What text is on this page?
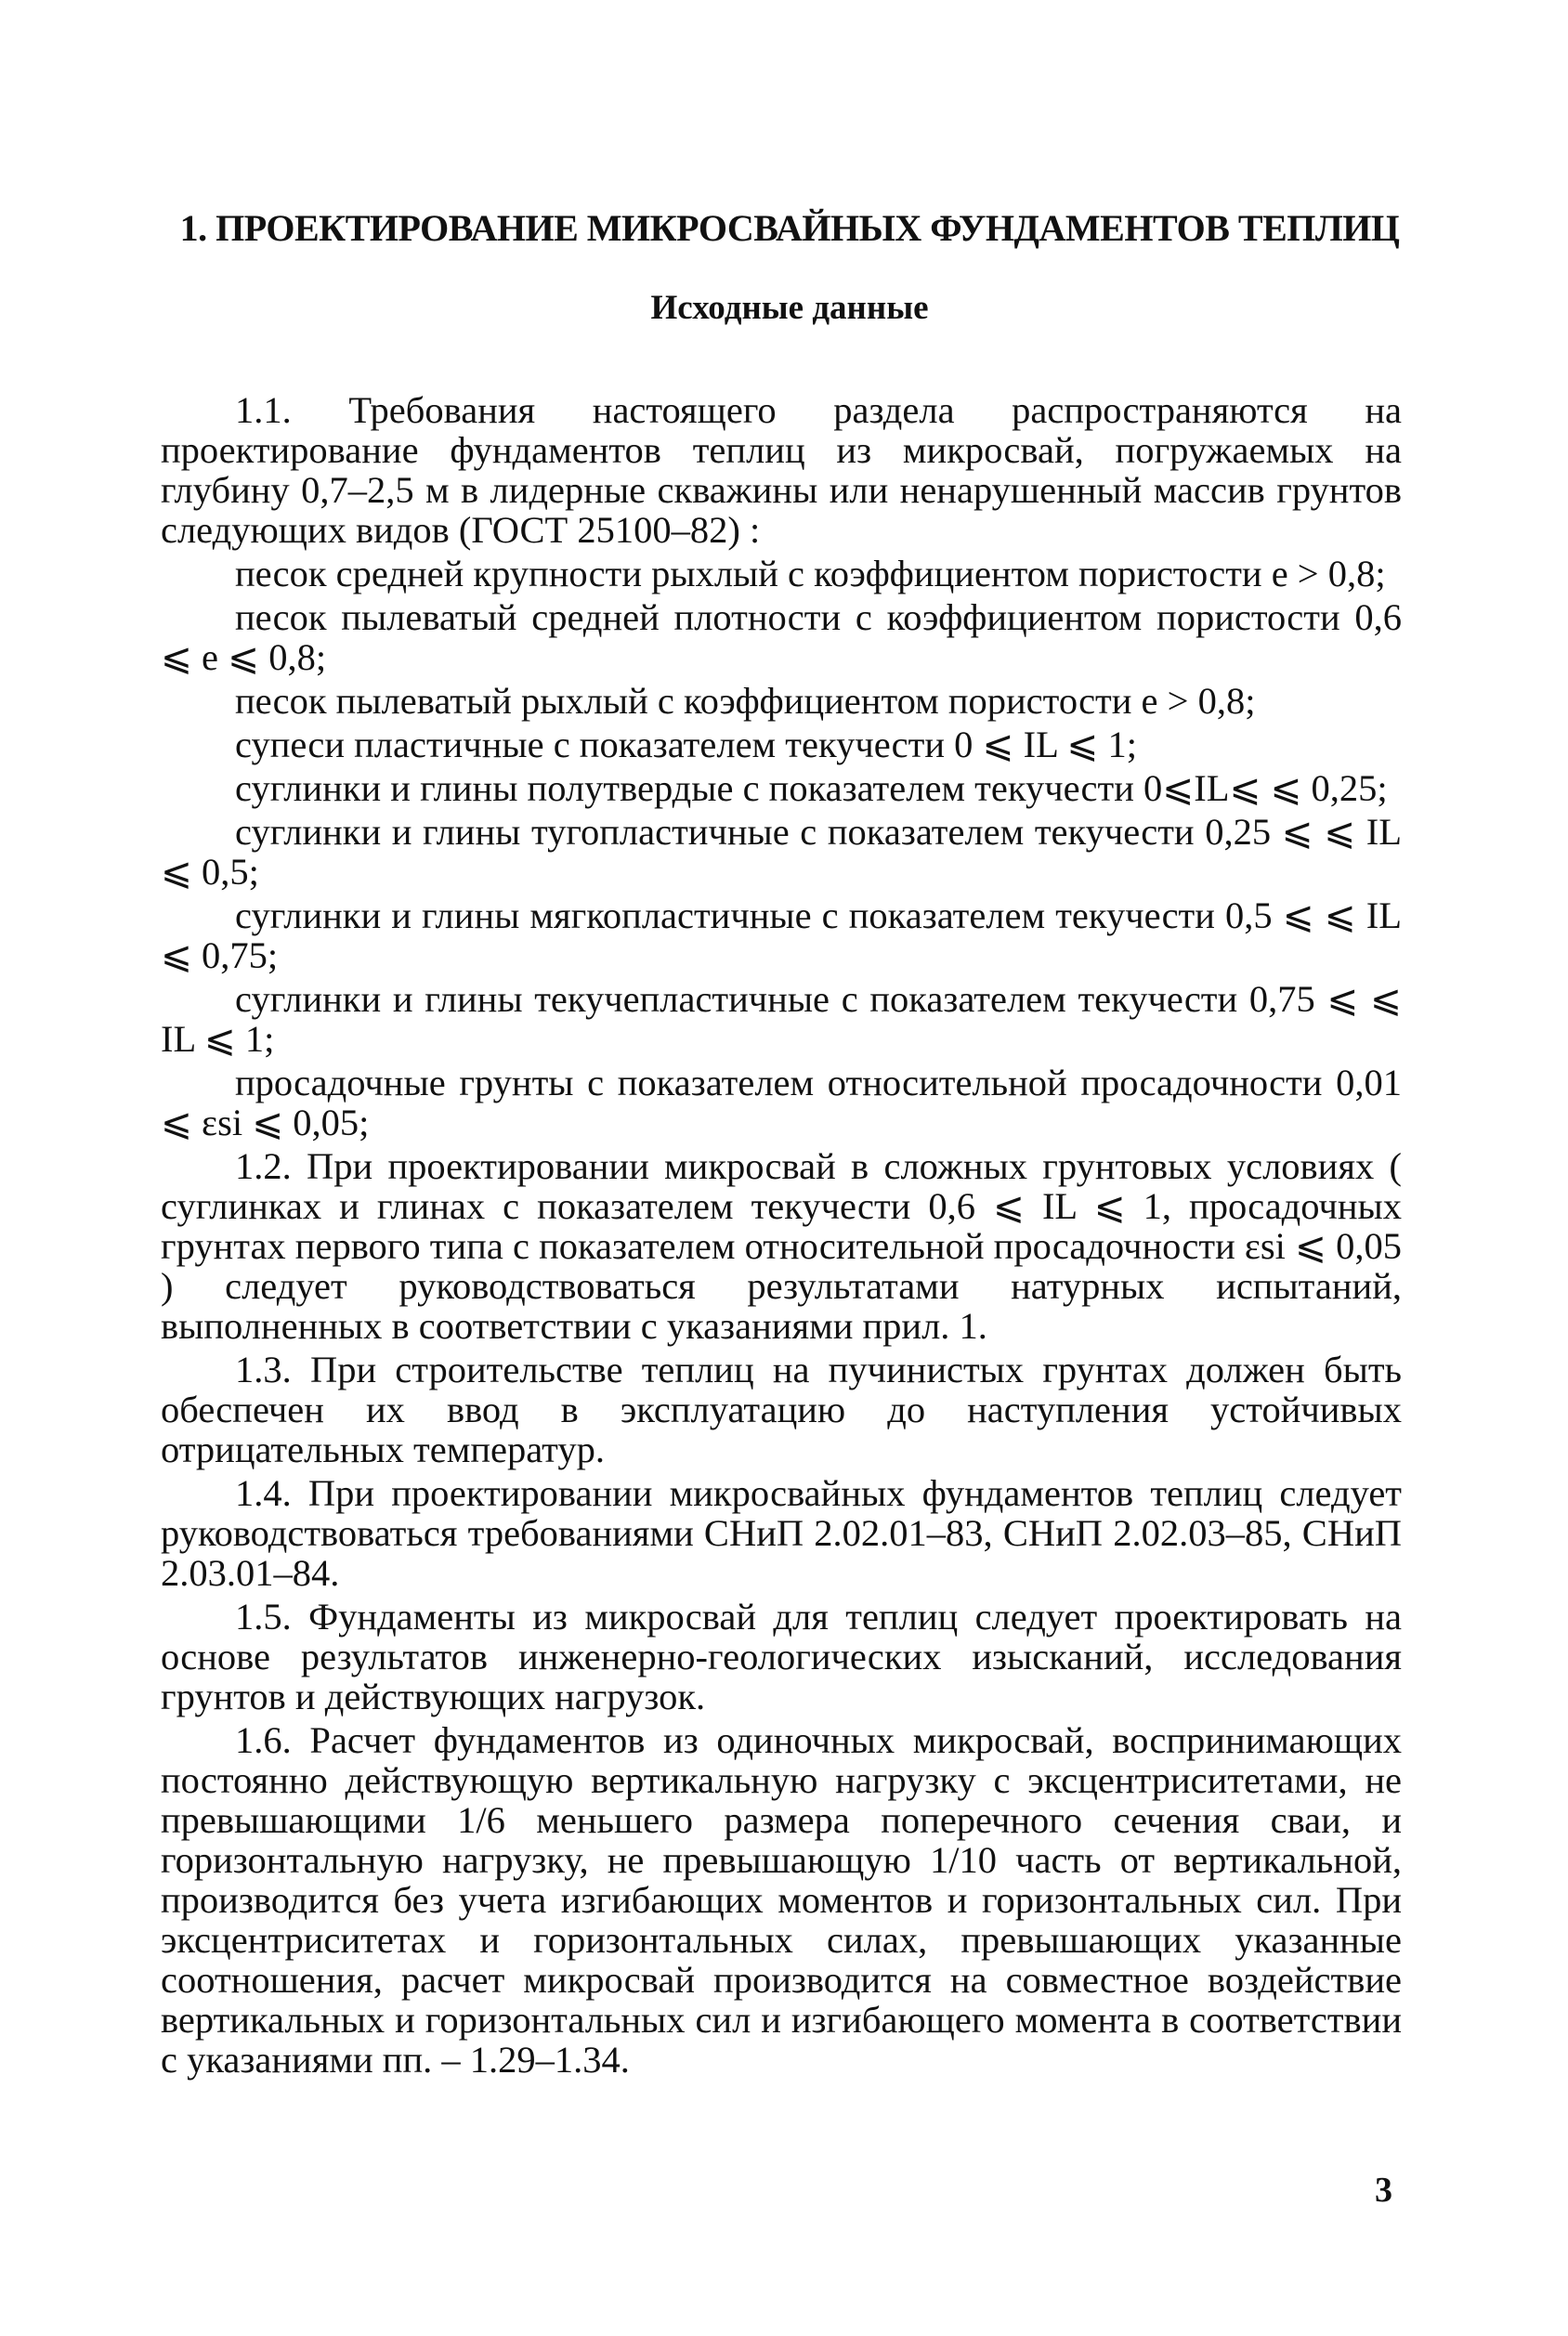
1. ПРОЕКТИРОВАНИЕ МИКРОСВАЙНЫХ ФУНДАМЕНТОВ ТЕПЛИЦ
Исходные данные

1.1. Требования настоящего раздела распространяются на проектирование фундаментов теплиц из микросвай, погружаемых на глубину 0,7–2,5 м в лидерные скважины или ненарушенный массив грунтов следующих видов (ГОСТ 25100–82) :

песок средней крупности рыхлый с коэффициентом пористости e > 0,8;

песок пылеватый средней плотности с коэффициентом пористости 0,6 ⩽ e ⩽ 0,8;

песок пылеватый рыхлый с коэффициентом пористости e > 0,8;

супеси пластичные с показателем текучести 0 ⩽ IL ⩽ 1;

суглинки и глины полутвердые с показателем текучести 0⩽IL⩽ ⩽ 0,25;

суглинки и глины тугопластичные с показателем текучести 0,25 ⩽ ⩽ IL ⩽ 0,5;

суглинки и глины мягкопластичные с показателем текучести 0,5 ⩽ ⩽ IL ⩽ 0,75;

суглинки и глины текучепластичные с показателем текучести 0,75 ⩽ ⩽ IL ⩽ 1;

просадочные грунты с показателем относительной просадочности 0,01 ⩽ εsi ⩽ 0,05;

1.2. При проектировании микросвай в сложных грунтовых условиях ( суглинках и глинах с показателем текучести 0,6 ⩽ IL ⩽ 1, просадочных грунтах первого типа с показателем относительной просадочности εsi ⩽ 0,05 ) следует руководствоваться результатами натурных испытаний, выполненных в соответствии с указаниями прил. 1.

1.3. При строительстве теплиц на пучинистых грунтах должен быть обеспечен их ввод в эксплуатацию до наступления устойчивых отрицательных температур.

1.4. При проектировании микросвайных фундаментов теплиц следует руководствоваться требованиями СНиП 2.02.01–83, СНиП 2.02.03–85, СНиП 2.03.01–84.

1.5. Фундаменты из микросвай для теплиц следует проектировать на основе результатов инженерно-геологических изысканий, исследования грунтов и действующих нагрузок.

1.6. Расчет фундаментов из одиночных микросвай, воспринимающих постоянно действующую вертикальную нагрузку с эксцентриситетами, не превышающими 1/6 меньшего размера поперечного сечения сваи, и горизонтальную нагрузку, не превышающую 1/10 часть от вертикальной, производится без учета изгибающих моментов и горизонтальных сил. При эксцентриситетах и горизонтальных силах, превышающих указанные соотношения, расчет микросвай производится на совместное воздействие вертикальных и горизонтальных сил и изгибающего момента в соответствии с указаниями пп. – 1.29–1.34.

3
